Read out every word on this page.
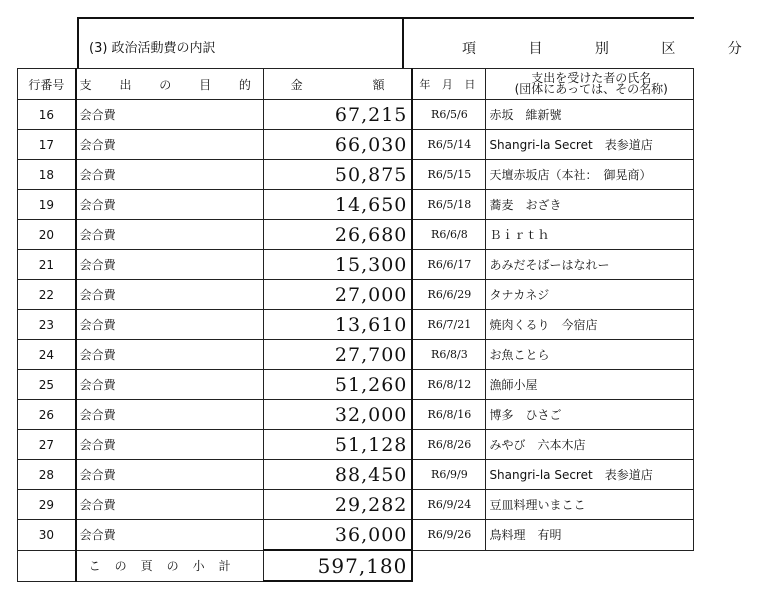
(3) 政治活動費の内訳	項 目 別 区 分
行番号	支 出 の 目 的	金 額	年 月 日	支出を受けた者の氏名
(団体にあっては、その名称)

16	会合費	67,215	R6/5/6	赤坂　維新號
17	会合費	66,030	R6/5/14	Shangri-la Secret　表参道店
18	会合費	50,875	R6/5/15	天壇赤坂店（本社：　御晃商）
19	会合費	14,650	R6/5/18	蕎麦　おざき
20	会合費	26,680	R6/6/8	Ｂｉｒｔｈ
21	会合費	15,300	R6/6/17	あみだそばーはなれー
22	会合費	27,000	R6/6/29	タナカネジ
23	会合費	13,610	R6/7/21	焼肉くるり　今宿店
24	会合費	27,700	R6/8/3	お魚ことら
25	会合費	51,260	R6/8/12	漁師小屋
26	会合費	32,000	R6/8/16	博多　ひさご
27	会合費	51,128	R6/8/26	みやび　六本木店
28	会合費	88,450	R6/9/9	Shangri-la Secret　表参道店
29	会合費	29,282	R6/9/24	豆皿料理いまここ
30	会合費	36,000	R6/9/26	鳥料理　有明
	この頁の小計	597,180		
